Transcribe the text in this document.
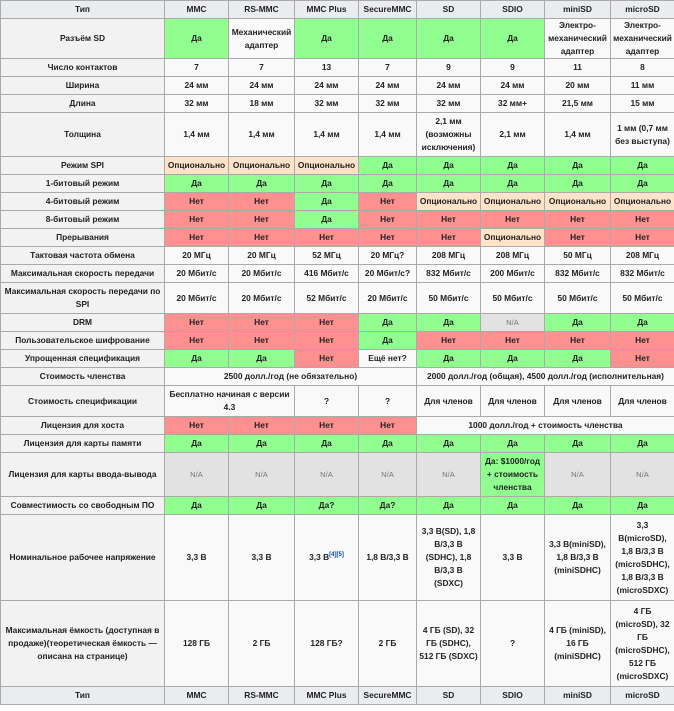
Тип	MMC	RS-MMC	MMC Plus	SecureMMC	SD	SDIO	miniSD	microSD
Разъём SD	Да	Механический адаптер	Да	Да	Да	Да	Электро-механический адаптер	Электро-механический адаптер
Число контактов	7	7	13	7	9	9	11	8
Ширина	24 мм	24 мм	24 мм	24 мм	24 мм	24 мм	20 мм	11 мм
Длина	32 мм	18 мм	32 мм	32 мм	32 мм	32 мм+	21,5 мм	15 мм
Толщина	1,4 мм	1,4 мм	1,4 мм	1,4 мм	2,1 мм (возможны исключения)	2,1 мм	1,4 мм	1 мм (0,7 мм без выступа)
Режим SPI	Опционально	Опционально	Опционально	Да	Да	Да	Да	Да
1-битовый режим	Да	Да	Да	Да	Да	Да	Да	Да
4-битовый режим	Нет	Нет	Да	Нет	Опционально	Опционально	Опционально	Опционально
8-битовый режим	Нет	Нет	Да	Нет	Нет	Нет	Нет	Нет
Прерывания	Нет	Нет	Нет	Нет	Нет	Опционально	Нет	Нет
Тактовая частота обмена	20 МГц	20 МГц	52 МГц	20 МГц?	208 МГц	208 МГц	50 МГц	208 МГц
Максимальная скорость передачи	20 Мбит/с	20 Мбит/с	416 Мбит/с	20 Мбит/с?	832 Мбит/с	200 Мбит/с	832 Мбит/с	832 Мбит/с
Максимальная скорость передачи по SPI	20 Мбит/с	20 Мбит/с	52 Мбит/с	20 Мбит/с	50 Мбит/с	50 Мбит/с	50 Мбит/с	50 Мбит/с
DRM	Нет	Нет	Нет	Да	Да	N/A	Да	Да
Пользовательское шифрование	Нет	Нет	Нет	Да	Нет	Нет	Нет	Нет
Упрощенная спецификация	Да	Да	Нет	Ещё нет?	Да	Да	Да	Нет
Стоимость членства	2500 долл./год (не обязательно)				2000 долл./год (общая), 4500 долл./год (исполнительная)			
Стоимость спецификации	Бесплатно начиная с версии 4.3		?	?	Для членов	Для членов	Для членов	Для членов
Лицензия для хоста	Нет	Нет	Нет	Нет	1000 долл./год + стоимость членства			
Лицензия для карты памяти	Да	Да	Да	Да	Да	Да	Да	Да
Лицензия для карты ввода-вывода	N/A	N/A	N/A	N/A	N/A	Да: $1000/год + стоимость членства	N/A	N/A
Совместимость со свободным ПО	Да	Да	Да?	Да?	Да	Да	Да	Да
Номинальное рабочее напряжение	3,3 В	3,3 В	3,3 В[4][5]	1,8 В/3,3 В	3,3 В(SD), 1,8 В/3,3 В (SDHC), 1,8 В/3,3 В (SDXC)	3,3 В	3,3 В(miniSD), 1,8 В/3,3 В (miniSDHC)	3,3 В(microSD), 1,8 В/3,3 В (microSDHC), 1,8 В/3,3 В (microSDXC)
Максимальная ёмкость (доступная в продаже)(теоретическая ёмкость — описана на странице)	128 ГБ	2 ГБ	128 ГБ?	2 ГБ	4 ГБ (SD), 32 ГБ (SDHC), 512 ГБ (SDXC)	?	4 ГБ (miniSD), 16 ГБ (miniSDHC)	4 ГБ (microSD), 32 ГБ (microSDHC), 512 ГБ (microSDXC)
Тип	MMC	RS-MMC	MMC Plus	SecureMMC	SD	SDIO	miniSD	microSD
